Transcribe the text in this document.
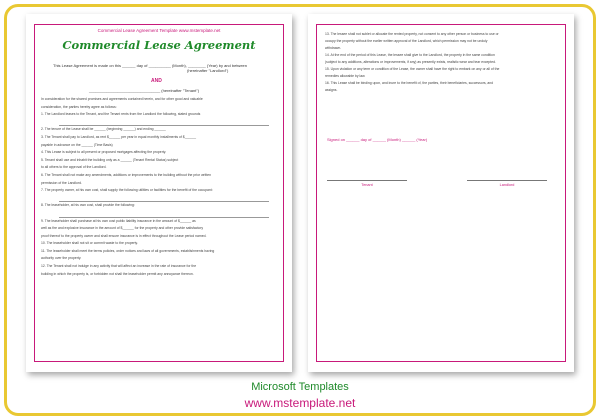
Commercial Lease Agreement Template www.mstemplate.net
Commercial Lease Agreement
This Lease Agreement is made on this ______ day of __________ (Month), ________ (Year) by and between
(hereinafter "Landlord")
AND
________________________________ (hereinafter "Tenant")
In consideration for the shared promises and agreements contained herein, and for other good and valuable
consideration, the parties hereby agree as follows:
1. The Landlord leases to the Tenant, and the Tenant rents from the Landlord the following, stated grounds
2. The tenure of the Lease shall be ______ (beginning ______) and ending ______
3. The Tenant shall pay to Landlord, as rent $______ per year in equal monthly installments of $______
payable in advance on the ______ (Time Basis)
4. This Lease is subject to all present or proposed mortgages affecting the property.
5. Tenant shall use and inhabit the building only as a ______ (Tenant Rental Status) subject
to all others to the approval of the Landlord.
6. The Tenant shall not make any amendments, additions or improvements to the building without the prior written
permission of the Landlord.
7. The property owner, at his own cost, shall supply the following utilities or facilities for the benefit of the occupant:
8. The leaseholder, at his own cost, shall provide the following:
9. The leaseholder shall purchase at his own cost public liability insurance in the amount of $______ as
well as fire and explosive insurance in the amount of $______ for the property and other provide satisfactory
proof thereof to the property owner and shall ensure insurance is in effect throughout the Lease period named.
10. The leaseholder shall not sit or commit waste to the property.
11. The leaseholder shall meet the terms policies, order notices and laws of all governments, establishments having
authority over the property.
12. The Tenant shall not indulge in any activity that will affect an increase in the rate of insurance for the
building in which the property is, or forbidden not shall the leaseholder permit any annoyance thereon.
13. The lessee shall not sublet or allocate the rented property, not consent to any other person or business to use or
occupy the property without the earlier written approval of the Landlord, which permission may not be unduly
withdrawn.
14. At the end of the period of this Lease, the lessee shall give to the Landlord, the property in the same condition
(subject to any additions, alterations or improvements, if any) as presently exists, realistic wear and tear excepted.
15. Upon violation or any term or condition of the Lease, the owner shall have the right to embark on any or all of the
remedies allowable by law.
16. This Lease shall be binding upon, and inure to the benefit of, the parties, their beneficiaries, successors, and
assigns.
Signed on ______ day of ______ (Month) ______ (Year)
Tenant	Landlord
Microsoft Templates
www.mstemplate.net
